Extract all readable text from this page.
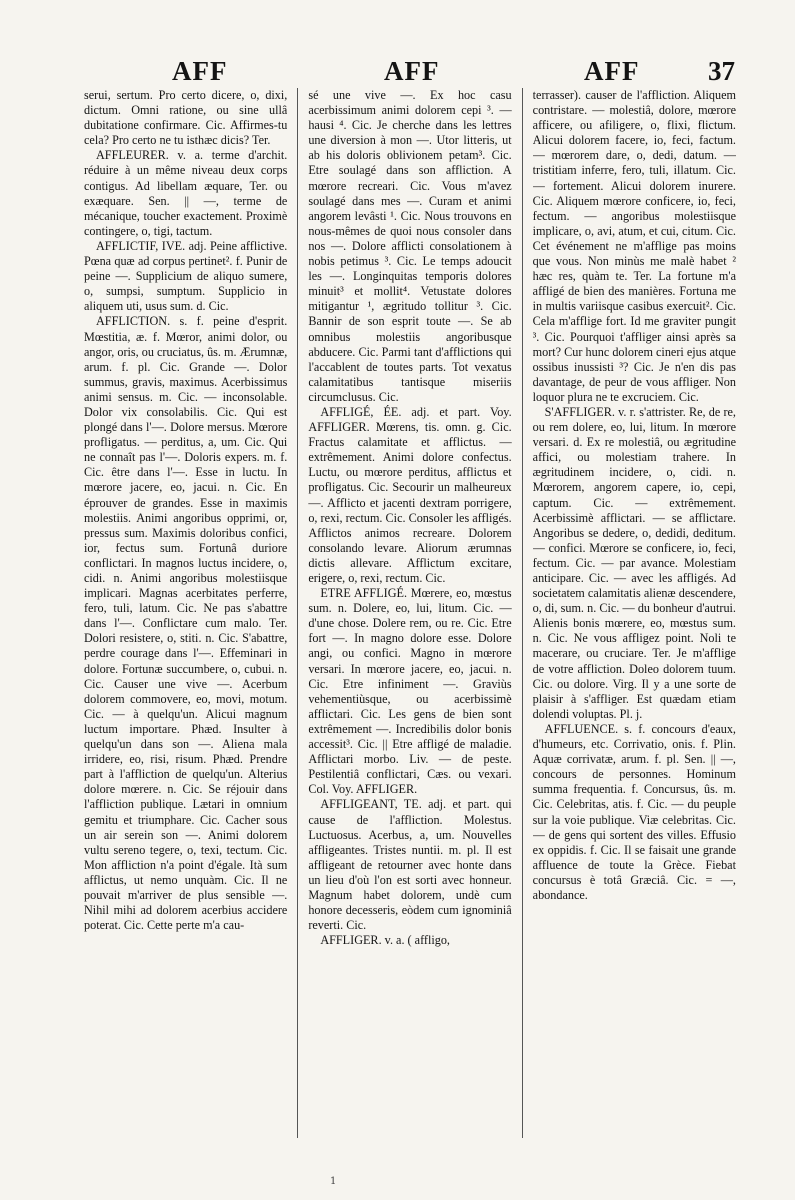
AFF	AFF	AFF	37

serui, sertum. Pro certo dicere, o, dixi, dictum. Omni ratione, ou sine ullâ dubitatione confirmare. Cic. Affirmes-tu cela? Pro certo ne tu isthæc dicis? Ter.

AFFLEURER. v. a. terme d'archit. réduire à un même niveau deux corps contigus. Ad libellam æquare, Ter. ou exæquare. Sen. || —, terme de mécanique, toucher exactement. Proximè contingere, o, tigi, tactum.

AFFLICTIF, IVE. adj. Peine afflictive. Pœna quæ ad corpus pertinet². f. Punir de peine —. Supplicium de aliquo sumere, o, sumpsi, sumptum. Supplicio in aliquem uti, usus sum. d. Cic.

AFFLICTION. s. f. peine d'esprit. Mœstitia, æ. f. Mœror, animi dolor, ou angor, oris, ou cruciatus, ûs. m. Ærumnæ, arum. f. pl. Cic. Grande —. Dolor summus, gravis, maximus. Acerbissimus animi sensus. m. Cic. — inconsolable. Dolor vix consolabilis. Cic. Qui est plongé dans l'—. Dolore mersus. Mœrore profligatus. — perditus, a, um. Cic. Qui ne connaît pas l'—. Doloris expers. m. f. Cic. être dans l'—. Esse in luctu. In mœrore jacere, eo, jacui. n. Cic. En éprouver de grandes. Esse in maximis molestiis. Animi angoribus opprimi, or, pressus sum. Maximis doloribus confici, ior, fectus sum. Fortunâ duriore conflictari. In magnos luctus incidere, o, cidi. n. Animi angoribus molestiisque implicari. Magnas acerbitates perferre, fero, tuli, latum. Cic. Ne pas s'abattre dans l'—. Conflictare cum malo. Ter. Dolori resistere, o, stiti. n. Cic. S'abattre, perdre courage dans l'—. Effeminari in dolore. Fortunæ succumbere, o, cubui. n. Cic. Causer une vive —. Acerbum dolorem commovere, eo, movi, motum. Cic. — à quelqu'un. Alicui magnum luctum importare. Phæd. Insulter à quelqu'un dans son —. Aliena mala irridere, eo, risi, risum. Phæd. Prendre part à l'affliction de quelqu'un. Alterius dolore mœrere. n. Cic. Se réjouir dans l'affliction publique. Lætari in omnium gemitu et triumphare. Cic. Cacher sous un air serein son —. Animi dolorem vultu sereno tegere, o, texi, tectum. Cic. Mon affliction n'a point d'égale. Ità sum afflictus, ut nemo unquàm. Cic. Il ne pouvait m'arriver de plus sensible —. Nihil mihi ad dolorem acerbius accidere poterat. Cic. Cette perte m'a cau-

sé une vive —. Ex hoc casu acerbissimum animi dolorem cepi ³. — hausi ⁴. Cic. Je cherche dans les lettres une diversion à mon —. Utor litteris, ut ab his doloris oblivionem petam³. Cic. Etre soulagé dans son affliction. A mœrore recreari. Cic. Vous m'avez soulagé dans mes —. Curam et animi angorem levâsti ¹. Cic. Nous trouvons en nous-mêmes de quoi nous consoler dans nos —. Dolore afflicti consolationem à nobis petimus ³. Cic. Le temps adoucit les —. Longinquitas temporis dolores minuit³ et mollit⁴. Vetustate dolores mitigantur ¹, ægritudo tollitur ³. Cic. Bannir de son esprit toute —. Se ab omnibus molestiis angoribusque abducere. Cic. Parmi tant d'afflictions qui l'accablent de toutes parts. Tot vexatus calamitatibus tantisque miseriis circumclusus. Cic.

AFFLIGÉ, ÉE. adj. et part. Voy. AFFLIGER. Mœrens, tis. omn. g. Cic. Fractus calamitate et afflictus. — extrêmement. Animi dolore confectus. Luctu, ou mœrore perditus, afflictus et profligatus. Cic. Secourir un malheureux —. Afflicto et jacenti dextram porrigere, o, rexi, rectum. Cic. Consoler les affligés. Afflictos animos recreare. Dolorem consolando levare. Aliorum ærumnas dictis allevare. Afflictum excitare, erigere, o, rexi, rectum. Cic.

ETRE AFFLIGÉ. Mœrere, eo, mœstus sum. n. Dolere, eo, lui, litum. Cic. — d'une chose. Dolere rem, ou re. Cic. Etre fort —. In magno dolore esse. Dolore angi, ou confici. Magno in mœrore versari. In mœrore jacere, eo, jacui. n. Cic. Etre infiniment —. Graviùs vehementiùsque, ou acerbissimè afflictari. Cic. Les gens de bien sont extrêmement —. Incredibilis dolor bonis accessit³. Cic. || Etre affligé de maladie. Afflictari morbo. Liv. — de peste. Pestilentiâ conflictari, Cæs. ou vexari. Col. Voy. AFFLIGER.

AFFLIGEANT, TE. adj. et part. qui cause de l'affliction. Molestus. Luctuosus. Acerbus, a, um. Nouvelles affligeantes. Tristes nuntii. m. pl. Il est affligeant de retourner avec honte dans un lieu d'où l'on est sorti avec honneur. Magnum habet dolorem, undè cum honore decesseris, eòdem cum ignominiâ reverti. Cic.

AFFLIGER. v. a. ( affligo,

terrasser). causer de l'affliction. Aliquem contristare. — molestiâ, dolore, mœrore afficere, ou afiligere, o, flixi, flictum. Alicui dolorem facere, io, feci, factum. — mœrorem dare, o, dedi, datum. — tristitiam inferre, fero, tuli, illatum. Cic. — fortement. Alicui dolorem inurere. Cic. Aliquem mœrore conficere, io, feci, fectum. — angoribus molestiisque implicare, o, avi, atum, et cui, citum. Cic. Cet événement ne m'afflige pas moins que vous. Non minùs me malè habet ² hæc res, quàm te. Ter. La fortune m'a affligé de bien des manières. Fortuna me in multis variisque casibus exercuit². Cic. Cela m'afflige fort. Id me graviter pungit ³. Cic. Pourquoi t'affliger ainsi après sa mort? Cur hunc dolorem cineri ejus atque ossibus inussisti ³? Cic. Je n'en dis pas davantage, de peur de vous affliger. Non loquor plura ne te excruciem. Cic.

S'AFFLIGER. v. r. s'attrister. Re, de re, ou rem dolere, eo, lui, litum. In mœrore versari. d. Ex re molestiâ, ou ægritudine affici, ou molestiam trahere. In ægritudinem incidere, o, cidi. n. Mœrorem, angorem capere, io, cepi, captum. Cic. — extrêmement. Acerbissimè afflictari. — se afflictare. Angoribus se dedere, o, dedidi, deditum. — confici. Mœrore se conficere, io, feci, fectum. Cic. — par avance. Molestiam anticipare. Cic. — avec les affligés. Ad societatem calamitatis alienæ descendere, o, di, sum. n. Cic. — du bonheur d'autrui. Alienis bonis mœrere, eo, mœstus sum. n. Cic. Ne vous affligez point. Noli te macerare, ou cruciare. Ter. Je m'afflige de votre affliction. Doleo dolorem tuum. Cic. ou dolore. Virg. Il y a une sorte de plaisir à s'affliger. Est quædam etiam dolendi voluptas. Pl. j.

AFFLUENCE. s. f. concours d'eaux, d'humeurs, etc. Corrivatio, onis. f. Plin. Aquæ corrivatæ, arum. f. pl. Sen. || —, concours de personnes. Hominum summa frequentia. f. Concursus, ûs. m. Cic. Celebritas, atis. f. Cic. — du peuple sur la voie publique. Viæ celebritas. Cic. — de gens qui sortent des villes. Effusio ex oppidis. f. Cic. Il se faisait une grande affluence de toute la Grèce. Fiebat concursus è totâ Græciâ. Cic. = —, abondance.

1
